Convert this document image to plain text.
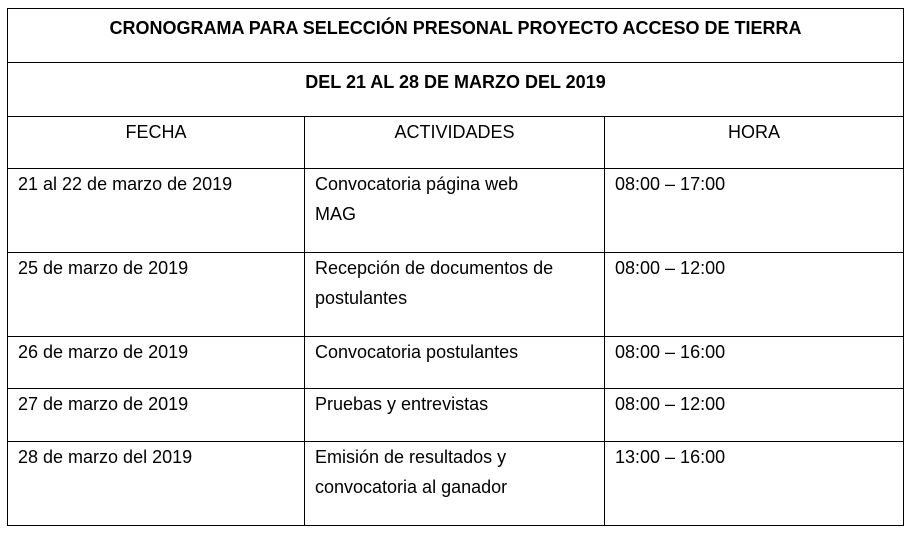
CRONOGRAMA PARA SELECCIÓN PRESONAL PROYECTO ACCESO DE TIERRA		
DEL 21 AL 28 DE MARZO DEL 2019		
FECHA	ACTIVIDADES	HORA
21 al 22 de marzo de 2019	Convocatoria página web MAG	08:00 – 17:00
25 de marzo de 2019	Recepción de documentos de postulantes	08:00 – 12:00
26 de marzo de 2019	Convocatoria postulantes	08:00 – 16:00
27 de marzo de 2019	Pruebas y entrevistas	08:00 – 12:00
28 de marzo del 2019	Emisión de resultados y convocatoria al ganador	13:00 – 16:00
